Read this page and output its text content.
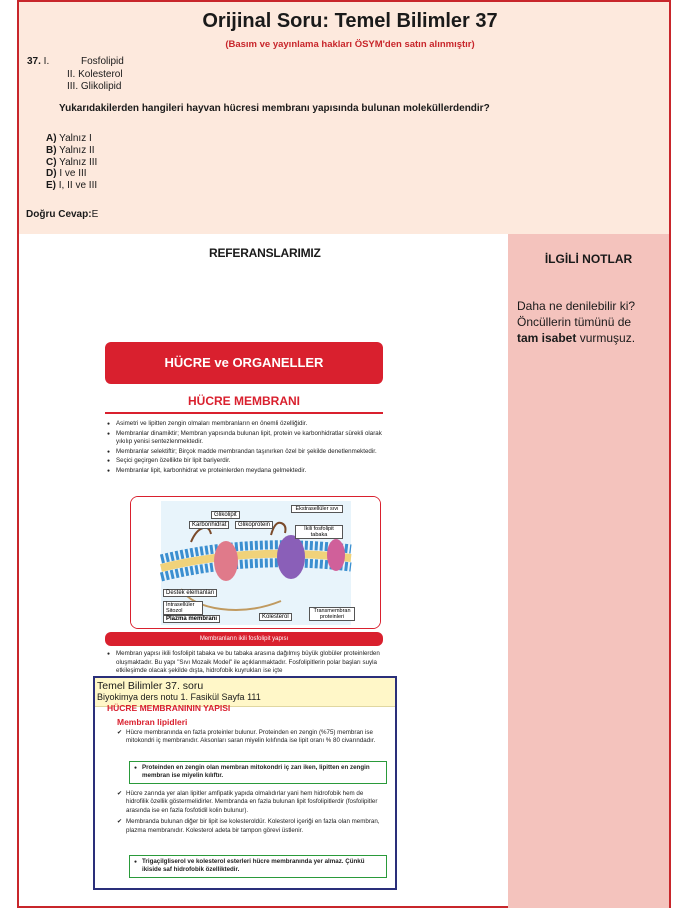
Orijinal Soru: Temel Bilimler 37
(Basım ve yayınlama hakları ÖSYM'den satın alınmıştır)
37. I.	Fosfolipid
II. Kolesterol
III. Glikolipid
Yukarıdakilerden hangileri hayvan hücresi membranı yapısında bulunan moleküllerdendir?
A) Yalnız I
B) Yalnız II
C) Yalnız III
D) I ve III
E) I, II ve III
Doğru Cevap:E
REFERANSLARIMIZ	İLGİLİ NOTLAR
Daha ne denilebilir ki?
Öncüllerin tümünü de
tam isabet vurmuşuz.
HÜCRE ve ORGANELLER
HÜCRE MEMBRANI
● Asimetri ve lipitten zengin olmaları membranların en önemli özelliğidir.
● Membranlar dinamiktir; Membran yapısında bulunan lipit, protein ve karbonhidratlar sürekli olarak yıkılıp yenisi sentezlenmektedir.
● Membranlar selektiftir; Birçok madde membrandan taşınırken özel bir şekilde denetlenmektedir.
● Seçici geçirgen özellikte bir lipit bariyerdir.
● Membranlar lipit, karbonhidrat ve proteinlerden meydana gelmektedir.
Glikolipit
Karbonhidrat	Glikoprotein
Ekstrasellüler sıvı
İkili fosfolipit tabaka
Destek elemanları
İntrasellüler Sitozol
Plazma membranı	Kolesterol
Transmembran proteinleri
Membranların ikili fosfolipit yapısı
● Membran yapısı ikili fosfolipit tabaka ve bu tabaka arasına dağılmış büyük globüler proteinlerden oluşmaktadır. Bu yapı "Sıvı Mozaik Model" ile açıklanmaktadır. Fosfolipitlerin polar başları suyla etkileşimde olacak şekilde dışta, hidrofobik kuyrukları ise içte
Temel Bilimler 37. soru
Biyokimya ders notu 1. Fasikül Sayfa 111
HÜCRE MEMBRANININ YAPISI
Membran lipidleri
✔ Hücre membranında en fazla proteinler bulunur. Proteinden en zengin (%75) membran ise mitokondri iç membranıdır. Aksonları saran miyelin kılıfında ise lipit oranı % 80 civarındadır.
● Proteinden en zengin olan membran mitokondri iç zarı iken, lipitten en zengin membran ise miyelin kılıftır.
✔ Hücre zarında yer alan lipitler amfipatik yapıda olmalıdırlar yani hem hidrofobik hem de hidrofilik özellik göstermelidirler. Membranda en fazla bulunan lipit fosfolipitlerdir (fosfolipitler arasında ise en fazla fosfotidil kolin bulunur).
✔ Membranda bulunan diğer bir lipit ise kolesteroldür. Kolesterol içeriği en fazla olan membran, plazma membranıdır. Kolesterol adeta bir tampon görevi üstlenir.
● Trigaçilgliserol ve kolesterol esterleri hücre membranında yer almaz. Çünkü ikiside saf hidrofobik özelliktedir.
